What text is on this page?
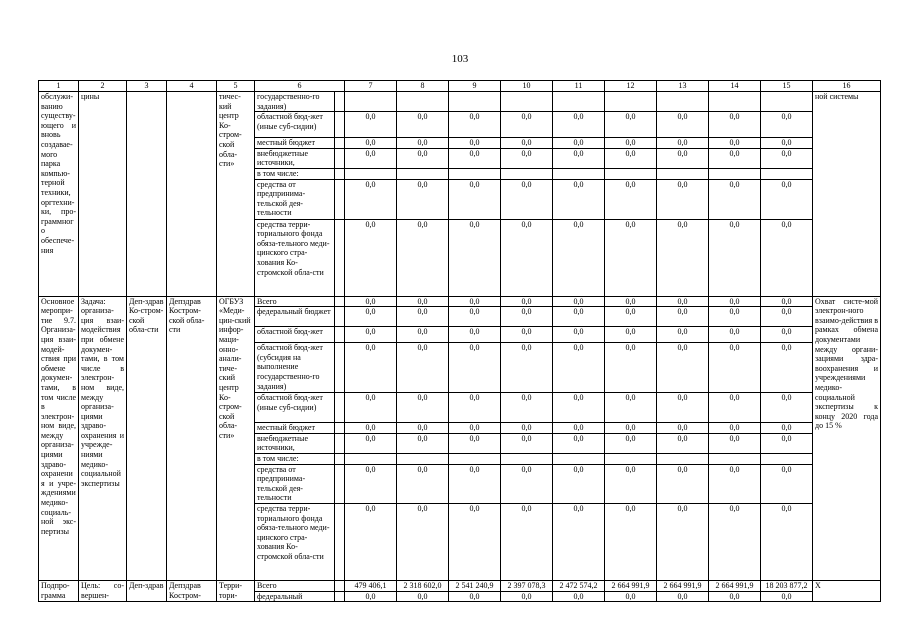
103
1	2	3	4	5	6		7	8	9	10	11	12	13	14	15	16
обслужи-ванию существу-ющего и вновь создавае-мого парка компью-терной техники, оргтехни-ки, про-граммного обеспече-ния	цины			тичес-кий центр Ко-стром-ской обла-сти»	государственно-го задания)											ной системы
					областной бюд-жет (иные суб-сидии)		0,0	0,0	0,0	0,0	0,0	0,0	0,0	0,0	0,0	
					местный бюджет		0,0	0,0	0,0	0,0	0,0	0,0	0,0	0,0	0,0	
					внебюджетные источники,		0,0	0,0	0,0	0,0	0,0	0,0	0,0	0,0	0,0	
					в том числе:											
					средства от предпринима-тельской дея-тельности		0,0	0,0	0,0	0,0	0,0	0,0	0,0	0,0	0,0	
					средства терри-ториального фонда обяза-тельного меди-цинского стра-хования Ко-стромской обла-сти		0,0	0,0	0,0	0,0	0,0	0,0	0,0	0,0	0,0	
Основное меропри-тие 9.7. Организа-ция взаи-модей-ствия при обмене докумен-тами, в том числе в электрон-ном виде, между организа-циями здраво-охранения и учре-ждениями медико-социаль-ной экс-пертизы	Задача: организа-ция взаи-модействия при обмене докумен-тами, в том числе в электрон-ном виде, между организа-циями здраво-охранения и учрежде-ниями медико-социальной экспертизы	Деп-здрав Ко-стром-ской обла-сти	Депздрав Костром-ской обла-сти	ОГБУЗ «Меди-цин-ский инфор-маци-онно-анали-тиче-ский центр Ко-стром-ской обла-сти»	Всего		0,0	0,0	0,0	0,0	0,0	0,0	0,0	0,0	0,0	Охват систе-мой электрон-ного взаимо-действия в рамках обмена документами между органи-зациями здра-воохранения и учреждениями медико-социальной экспертизы к концу 2020 года до 15 %
					федеральный бюджет		0,0	0,0	0,0	0,0	0,0	0,0	0,0	0,0	0,0	
					областной бюд-жет		0,0	0,0	0,0	0,0	0,0	0,0	0,0	0,0	0,0	
					областной бюд-жет (субсидия на выполнение государственно-го задания)		0,0	0,0	0,0	0,0	0,0	0,0	0,0	0,0	0,0	
					областной бюд-жет (иные суб-сидии)		0,0	0,0	0,0	0,0	0,0	0,0	0,0	0,0	0,0	
					местный бюджет		0,0	0,0	0,0	0,0	0,0	0,0	0,0	0,0	0,0	
					внебюджетные источники,		0,0	0,0	0,0	0,0	0,0	0,0	0,0	0,0	0,0	
					в том числе:											
					средства от предпринима-тельской дея-тельности		0,0	0,0	0,0	0,0	0,0	0,0	0,0	0,0	0,0	
					средства терри-ториального фонда обяза-тельного меди-цинского стра-хования Ко-стромской обла-сти		0,0	0,0	0,0	0,0	0,0	0,0	0,0	0,0	0,0	
Подпро-грамма	Цель: со-вершен-	Деп-здрав	Депздрав Костром-	Терри-тори-	Всего		479 406,1	2 318 602,0	2 541 240,9	2 397 078,3	2 472 574,2	2 664 991,9	2 664 991,9	2 664 991,9	18 203 877,2	Х
					федеральный		0,0	0,0	0,0	0,0	0,0	0,0	0,0	0,0	0,0	
